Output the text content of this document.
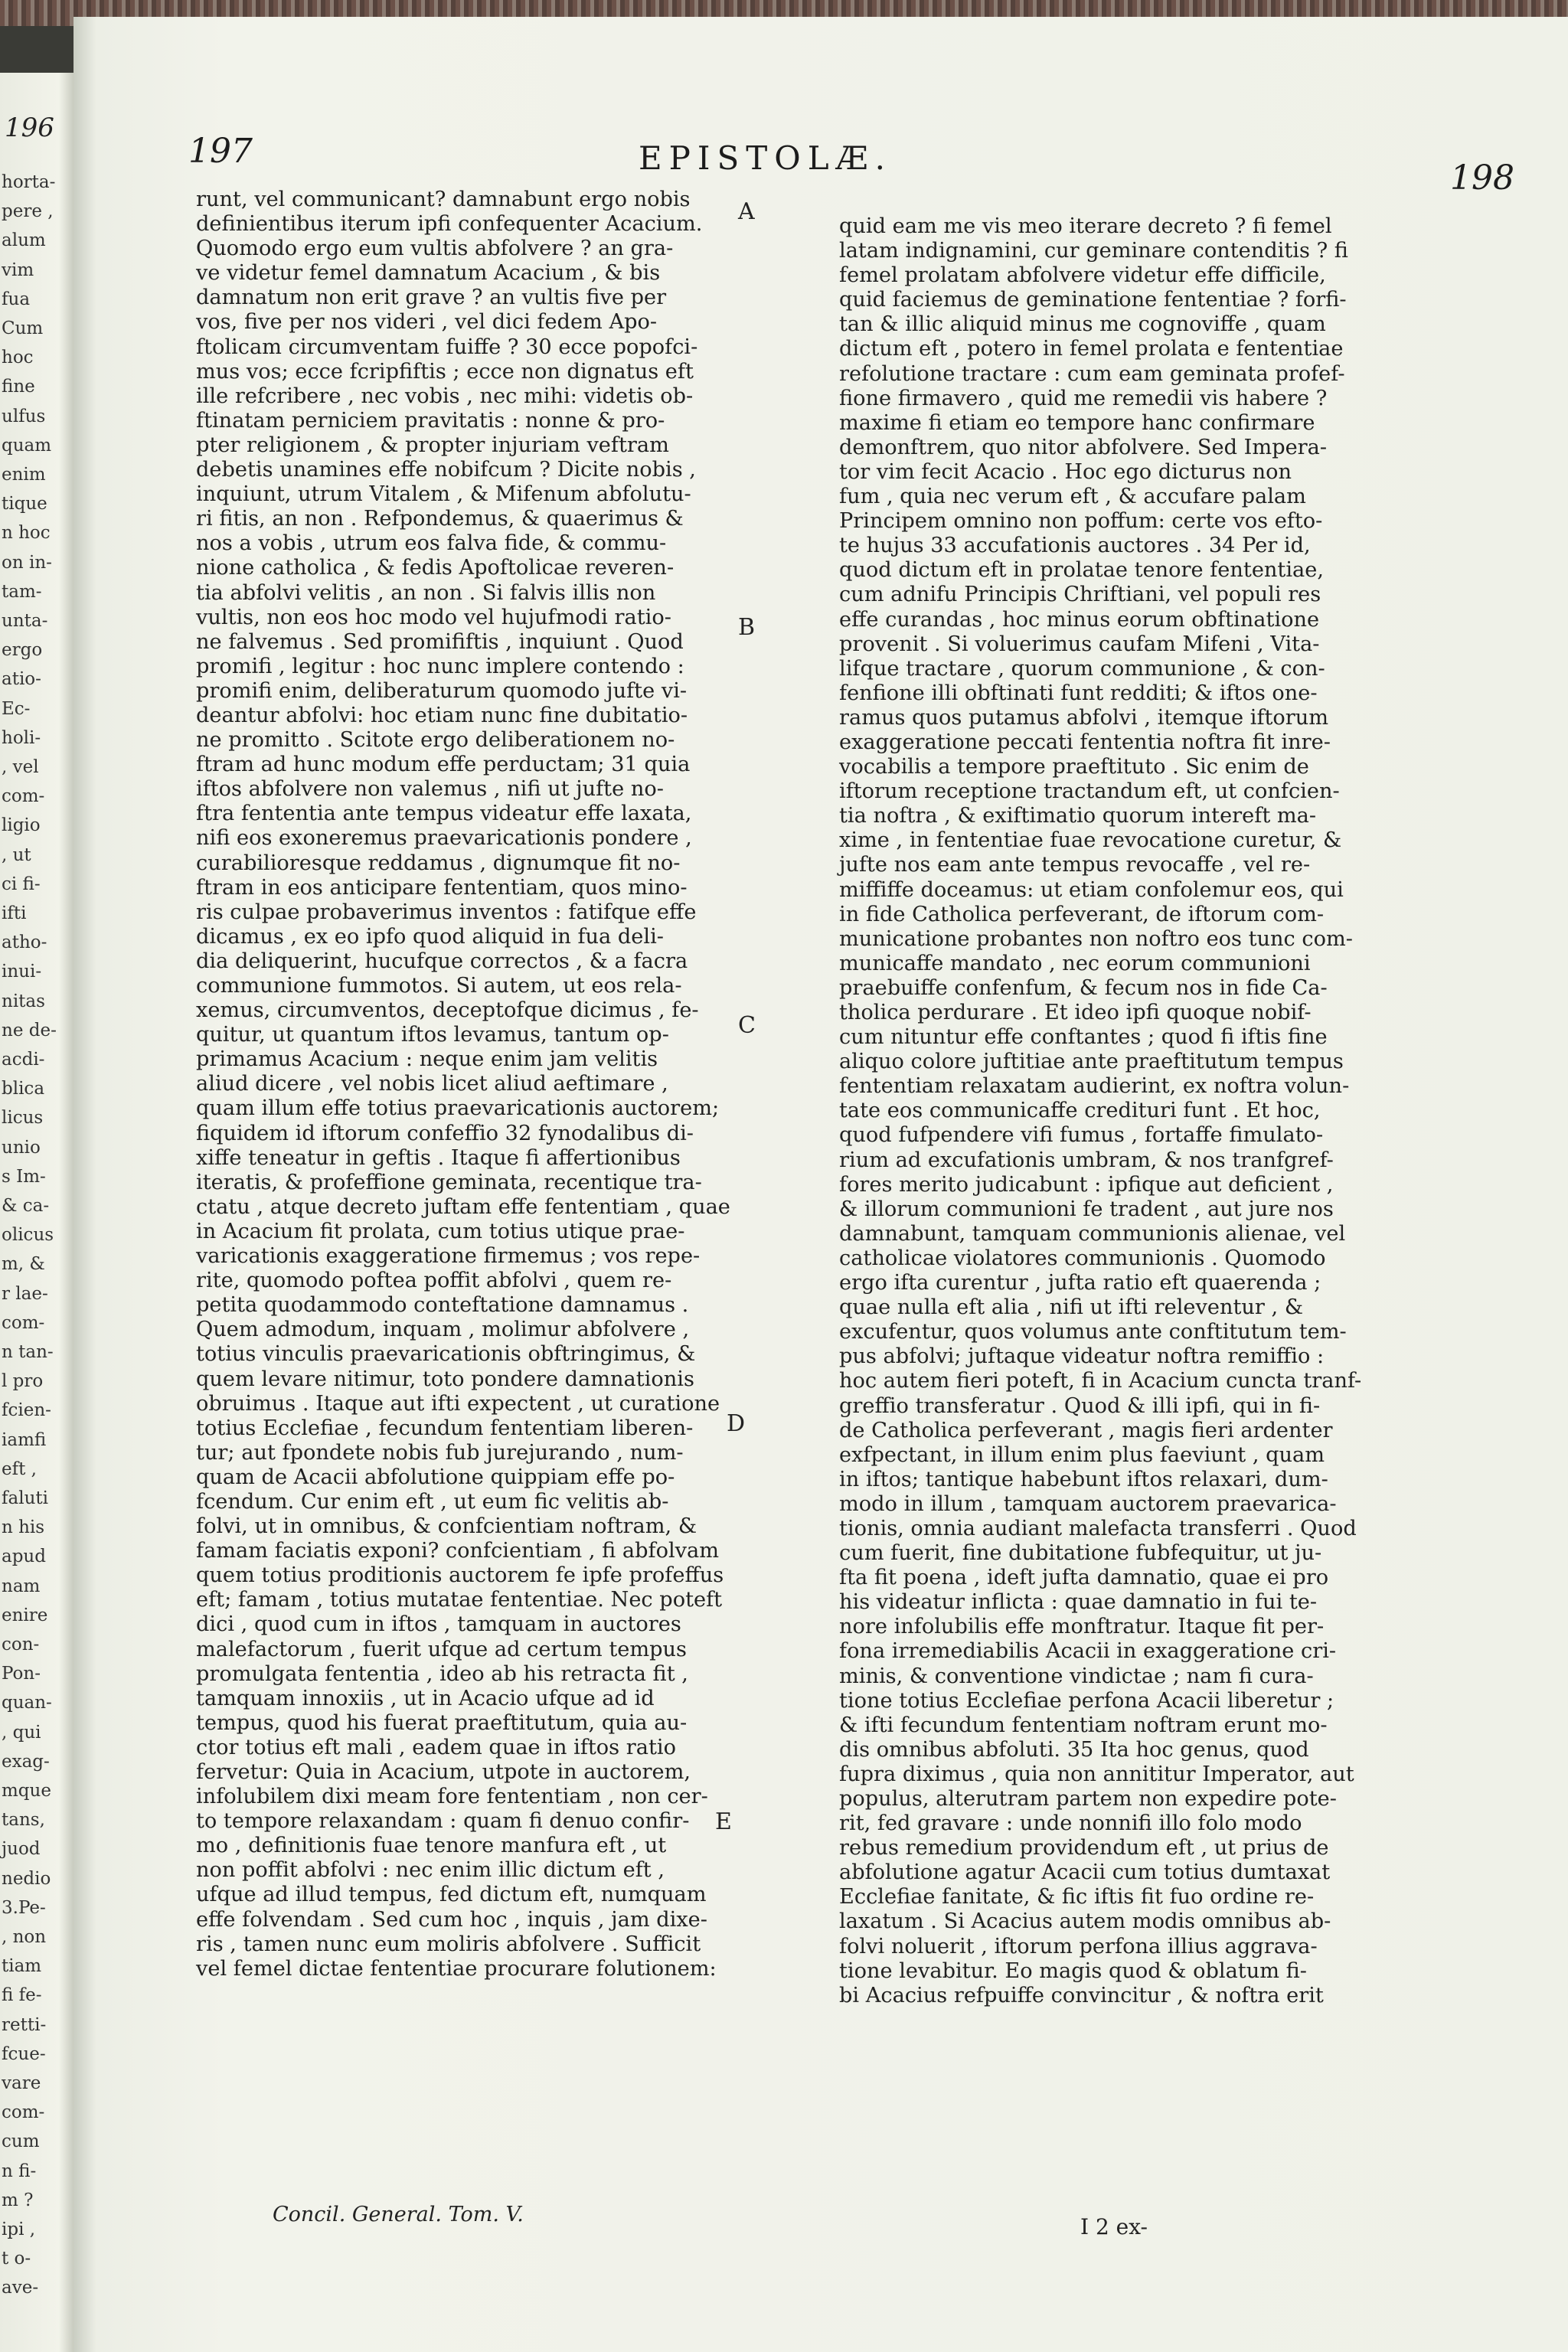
196
horta-
pere ,
alum
vim
fua
Cum
hoc
fine
ulfus
quam
enim
tique
n hoc
on in-
tam-
unta-
ergo
atio-
Ec-
holi-
, vel
com-
ligio
, ut
ci fi-
ifti
atho-
inui-
nitas
ne de-
acdi-
blica
licus
unio
s Im-
& ca-
olicus
m, &
r lae-
com-
n tan-
l pro
fcien-
iamfi
eft ,
faluti
n his
apud
nam
enire
con-
Pon-
quan-
, qui
exag-
mque
tans,
juod
nedio
3.Pe-
, non
tiam
fi fe-
retti-
fcue-
vare
com-
cum
n fi-
m ?
ipi ,
t o-
ave-
197	EPISTOLÆ.
198
runt, vel communicant? damnabunt ergo nobis
definientibus iterum ipfi confequenter Acacium.
Quomodo ergo eum vultis abfolvere ? an gra-
ve videtur femel damnatum Acacium , & bis
damnatum non erit grave ? an vultis five per
vos, five per nos videri , vel dici fedem Apo-
ftolicam circumventam fuiffe ? 30 ecce popofci-
mus vos; ecce fcripfiftis ; ecce non dignatus eft
ille refcribere , nec vobis , nec mihi: videtis ob-
ftinatam perniciem pravitatis : nonne & pro-
pter religionem , & propter injuriam veftram
debetis unamines effe nobifcum ? Dicite nobis ,
inquiunt, utrum Vitalem , & Mifenum abfolutu-
ri fitis, an non . Refpondemus, & quaerimus &
nos a vobis , utrum eos falva fide, & commu-
nione catholica , & fedis Apoftolicae reveren-
tia abfolvi velitis , an non . Si falvis illis non
vultis, non eos hoc modo vel hujufmodi ratio-
ne falvemus . Sed promififtis , inquiunt . Quod
promifi , legitur : hoc nunc implere contendo :
promifi enim, deliberaturum quomodo jufte vi-
deantur abfolvi: hoc etiam nunc fine dubitatio-
ne promitto . Scitote ergo deliberationem no-
ftram ad hunc modum effe perductam; 31 quia
iftos abfolvere non valemus , nifi ut jufte no-
ftra fententia ante tempus videatur effe laxata,
nifi eos exoneremus praevaricationis pondere ,
curabilioresque reddamus , dignumque fit no-
ftram in eos anticipare fententiam, quos mino-
ris culpae probaverimus inventos : fatifque effe
dicamus , ex eo ipfo quod aliquid in fua deli-
dia deliquerint, hucufque correctos , & a facra
communione fummotos. Si autem, ut eos rela-
xemus, circumventos, deceptofque dicimus , fe-
quitur, ut quantum iftos levamus, tantum op-
primamus Acacium : neque enim jam velitis
aliud dicere , vel nobis licet aliud aeftimare ,
quam illum effe totius praevaricationis auctorem;
fiquidem id iftorum confeffio 32 fynodalibus di-
xiffe teneatur in geftis . Itaque fi affertionibus
iteratis, & profeffione geminata, recentique tra-
ctatu , atque decreto juftam effe fententiam , quae
in Acacium fit prolata, cum totius utique prae-
varicationis exaggeratione firmemus ; vos repe-
rite, quomodo poftea poffit abfolvi , quem re-
petita quodammodo conteftatione damnamus .
Quem admodum, inquam , molimur abfolvere ,
totius vinculis praevaricationis obftringimus, &
quem levare nitimur, toto pondere damnationis
obruimus . Itaque aut ifti expectent , ut curatione
totius Ecclefiae , fecundum fententiam liberen-
tur; aut fpondete nobis fub jurejurando , num-
quam de Acacii abfolutione quippiam effe po-
fcendum. Cur enim eft , ut eum fic velitis ab-
folvi, ut in omnibus, & confcientiam noftram, &
famam faciatis exponi? confcientiam , fi abfolvam
quem totius proditionis auctorem fe ipfe profeffus
eft; famam , totius mutatae fententiae. Nec poteft
dici , quod cum in iftos , tamquam in auctores
malefactorum , fuerit ufque ad certum tempus
promulgata fententia , ideo ab his retracta fit ,
tamquam innoxiis , ut in Acacio ufque ad id
tempus, quod his fuerat praeftitutum, quia au-
ctor totius eft mali , eadem quae in iftos ratio
fervetur: Quia in Acacium, utpote in auctorem,
infolubilem dixi meam fore fententiam , non cer-
to tempore relaxandam : quam fi denuo confir-
mo , definitionis fuae tenore manfura eft , ut
non poffit abfolvi : nec enim illic dictum eft ,
ufque ad illud tempus, fed dictum eft, numquam
effe folvendam . Sed cum hoc , inquis , jam dixe-
ris , tamen nunc eum moliris abfolvere . Sufficit
vel femel dictae fententiae procurare folutionem:
quid eam me vis meo iterare decreto ? fi femel
latam indignamini, cur geminare contenditis ? fi
femel prolatam abfolvere videtur effe difficile,
quid faciemus de geminatione fententiae ? forfi-
tan & illic aliquid minus me cognoviffe , quam
dictum eft , potero in femel prolata e fententiae
refolutione tractare : cum eam geminata profef-
fione firmavero , quid me remedii vis habere ?
maxime fi etiam eo tempore hanc confirmare
demonftrem, quo nitor abfolvere. Sed Impera-
tor vim fecit Acacio . Hoc ego dicturus non
fum , quia nec verum eft , & accufare palam
Principem omnino non poffum: certe vos efto-
te hujus 33 accufationis auctores . 34 Per id,
quod dictum eft in prolatae tenore fententiae,
cum adnifu Principis Chriftiani, vel populi res
effe curandas , hoc minus eorum obftinatione
provenit . Si voluerimus caufam Mifeni , Vita-
lifque tractare , quorum communione , & con-
fenfione illi obftinati funt redditi; & iftos one-
ramus quos putamus abfolvi , itemque iftorum
exaggeratione peccati fententia noftra fit inre-
vocabilis a tempore praeftituto . Sic enim de
iftorum receptione tractandum eft, ut confcien-
tia noftra , & exiftimatio quorum intereft ma-
xime , in fententiae fuae revocatione curetur, &
jufte nos eam ante tempus revocaffe , vel re-
miffiffe doceamus: ut etiam confolemur eos, qui
in fide Catholica perfeverant, de iftorum com-
municatione probantes non noftro eos tunc com-
municaffe mandato , nec eorum communioni
praebuiffe confenfum, & fecum nos in fide Ca-
tholica perdurare . Et ideo ipfi quoque nobif-
cum nituntur effe conftantes ; quod fi iftis fine
aliquo colore juftitiae ante praeftitutum tempus
fententiam relaxatam audierint, ex noftra volun-
tate eos communicaffe credituri funt . Et hoc,
quod fufpendere vifi fumus , fortaffe fimulato-
rium ad excufationis umbram, & nos tranfgref-
fores merito judicabunt : ipfique aut deficient ,
& illorum communioni fe tradent , aut jure nos
damnabunt, tamquam communionis alienae, vel
catholicae violatores communionis . Quomodo
ergo ifta curentur , jufta ratio eft quaerenda ;
quae nulla eft alia , nifi ut ifti releventur , &
excufentur, quos volumus ante conftitutum tem-
pus abfolvi; juftaque videatur noftra remiffio :
hoc autem fieri poteft, fi in Acacium cuncta tranf-
greffio transferatur . Quod & illi ipfi, qui in fi-
de Catholica perfeverant , magis fieri ardenter
exfpectant, in illum enim plus faeviunt , quam
in iftos; tantique habebunt iftos relaxari, dum-
modo in illum , tamquam auctorem praevarica-
tionis, omnia audiant malefacta transferri . Quod
cum fuerit, fine dubitatione fubfequitur, ut ju-
fta fit poena , ideft jufta damnatio, quae ei pro
his videatur inflicta : quae damnatio in fui te-
nore infolubilis effe monftratur. Itaque fit per-
fona irremediabilis Acacii in exaggeratione cri-
minis, & conventione vindictae ; nam fi cura-
tione totius Ecclefiae perfona Acacii liberetur ;
& ifti fecundum fententiam noftram erunt mo-
dis omnibus abfoluti. 35 Ita hoc genus, quod
fupra diximus , quia non annititur Imperator, aut
populus, alterutram partem non expedire pote-
rit, fed gravare : unde nonnifi illo folo modo
rebus remedium providendum eft , ut prius de
abfolutione agatur Acacii cum totius dumtaxat
Ecclefiae fanitate, & fic iftis fit fuo ordine re-
laxatum . Si Acacius autem modis omnibus ab-
folvi noluerit , iftorum perfona illius aggrava-
tione levabitur. Eo magis quod & oblatum fi-
bi Acacius refpuiffe convincitur , & noftra erit
A
B
C
D
E
Concil. General. Tom. V.	I 2 ex-
